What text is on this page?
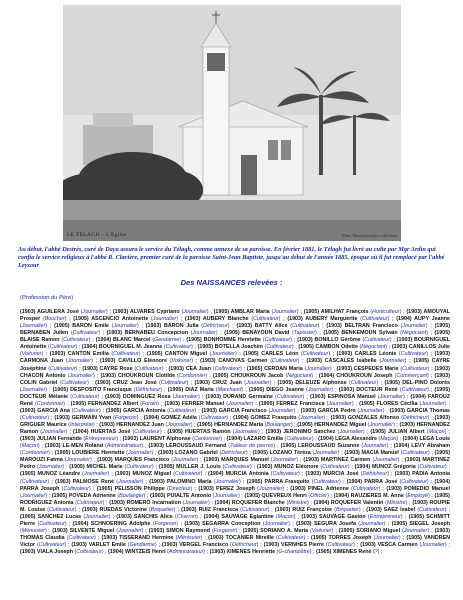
LE TÉLAGH – L'Église	Mme Menakquadjia collection

Au début, l'abbé Destrès, curé de Daya assura le service du Télagh, comme annexe de sa paroisse. En février 1881, le Télagh fut livré au culte par Mgr Ardin qui confia le service religieux à l'abbé R. Clavière, premier curé de la paroisse Saint-Jean Baptiste, jusqu'au début de l'année 1885, époque où il fut remplacé par l'abbé Leyzour

Des NAISSANCES relevées :

(Profession du Père)

(1903) AGUILERA José (Journalier) ; (1903) ALVARES Cypriano (Journalier) ; (1905) AMBLAR Maria (Journalier) ; (1905) AMILHAT François (Horticulteur) ; (1903) AMOUYAL Prosper (Boucher) ; (1905) ASCENCIO Antoinette (Journalier) ; (1903) AUBERY Blanche (Cultivateur) ; (1903) AUBERY Marguerite (Cultivateur) ; (1904) AUPY Jeanne (Journalier) ; (1905) BARON Emile (Journalier) ; (1903) BARON Julia (Défricheur) ; (1903) BATTY Alice (Cultivateur) ; (1903) BELTRAN Francisco (Journalier) ; (1905) BERNABEN Julien (Cultivateur) ; (1903) BERNABEU Concepcion (Journalier) ; (1905) BENAYOUN David (Tapissier) ; (1905) BENKEMOUN Sylvain (Négociant) ; (1905) BLAISE Ramon (Cultivateur) ; (1904) BLANC Marcel (Gendarme) ; (1905) BONHOMME Henriette (Cultivateur) ; (1903) BONILLO Gérôme (Cultivateur) ; (1903) BOURNIGUEL Antoinette (Cultivateur) ; (1904) BOURNIGUEL M. Jeanne (Cultivateur) ; (1905) BOTELLA Joachim (Cultivateur) ; (1905) CAMBON Odette (Négociant) ; (1903) CANILLOS Julie (Voiturier) ; (1903) CANTON Emilia (Cultivateur) ; (1905) CANTON Miguel (Journalier) ; (1905) CARLES Léon (Cultivateur) ; (1903) CARLES Léonie (Cultivateur) ; (1903) CARMONA Juan (Journalier) ; (1903) CAVILLO Eléonore (Voiturier) ; (1903) CANOVAS Carmen (Cultivateur) ; (1903) CASCALES Isabelle (Journalier) ; (1905) CAYRE Joséphine (Cultivateur) ; (1903) CAYRE Rose (Cultivateur) ; (1903) CEA Juan (Cultivateur) ; (1905) CERDAN Maria (Journalier) ; (1903) CESPEDES Marie (Cultivateur) ; (1903) CHACON Antonio (Journalier) ; (1903) CHOUKROUN Clotilde (Cordonnier) ; (1905) CHOUKROUN Jacob (Négociant) ; (1904) CHOUKROUN Joseph (Commerçant) ; (1903) COLIN Gabriel (Cultivateur) ; (1903) CRUZ Jean José (Cultivateur) ; (1903) CRUZ Juan (Journalier) ; (1905) DELEUZE Alphonse (Cultivateur) ; (1905) DEL-PINO Dolorès (Journalier) ; (1905) DESPOSITO Francisque (Défricheur) ; (1905) DIAZ Maria (Marchand) ; (1905) DIEGO Jeanne (Journalier) ; (1903) DOCTEUR René (Cultivateur) ; (1905) DOCTEUR Mélanie (Cultivateur) ; (1903) DOMINGUEZ Rosa (Journalier) ; (1903) DURAND Germaine (Cultivateur) ; (1903) ESPINOSA Manuel (Journalier) ; (1904) FAROUZ René (Cordonnier) ; (1905) FERNANDEZ Albert (Forain) ; (1903) FERRER Manuel (Journalier) ; (1905) FERREZ Francisca (Journalier) ; (1905) FLORES Cécilia (Journalier) ; (1903) GARCIA Ana (Cultivateur) ; (1905) GARCIA Antonia (Cultivateur) ; (1903) GARCIA Francisco (Journalier) ; (1903) GARCIA Pedro (Journalier) ; (1903) GARCIA Thomas (Cultivateur) ; (1903) GERMAIN Yvan (Forgeron) ; (1904) GOMEZ Adéla (Cultivateur) ; (1904) GOMEZ Frasquito (Journalier) ; (1903) GONZALES Alfonso (Défricheur) ; (1903) GRIGUER Maurice (Interprète) ; (1903) HERNANDEZ Juan (Journalier) ; (1905) HERNANDEZ Maria (Boulanger) ; (1905) HERNANDEZ Miguel (Journalier) ; (1903) HERNANDEZ Ramon (Journalier) ; (1904) HUERTAS José (Cultivateur) ; (1905) HUERTAS Ramon (Journalier) ; (1903) JERONIMO Sanchez (Journalier) ; (1905) JULIAN Albert (Maçon) ; (1903) JULIAN Fernande (Entrepreneur) ; (1903) LAURENT Alphonse (Cantonnier) ; (1904) LAZARO Emilia (Cultivateur) ; (1904) LEGA Alexandre (Maçon) ; (1904) LEGA Louis (Maçon) ; (1903) LE-MEN Roland (Administrateur) ; (1903) LEROUSSAUD Fernand (Tailleur de pierres) ; (1905) LEROUSSAUD Suzanne (Journalier) ; (1904) LEVY Abraham (Cordonnier) ; (1905) LOUBIERE Henriette (Journalier) ; (1903) LOZANO Gabriel (Défricheur) ; (1905) LOZANO Téréza (Journalier) ; (1903) MACIA Manuel (Cultivateur) ; (1905) MAROUZI Fatma (Journalier) ; (1903) MARQUES Francisco (Journalier) ; (1903) MARQUES Manuel (Journalier) ; (1903) MARTINEZ Carmen (Journalier) ; (1903) MARTINEZ Pedro (Journalier) ; (1905) MICHEL Marie (Cultivateur) ; (1905) MULLER J. Louis (Cultivateur) ; (1903) MUNOZ Eléonore (Cultivateur) ; (1904) MUNOZ Grégoria (Cultivateur) ; (1905) MUNOZ Léandre (Journalier) ; (1903) MUNOZ Miguel (Cultivateur) ; (1904) MURCIA Antonia (Cultivateur) ; (1903) MURCIA José (Défricheur) ; (1903) PADIA Antonia (Cultivateur) ; (1903) PALMOSE René (Journalier) ; (1903) PALOMINO Maria (Journalier) ; (1905) PARRA Frasquito (Cultivateur) ; (1904) PARRA José (Cultivateur) ; (1904) PARRA Joseph (Cultivateur) ; (1905) PELISSON Philippe (Directeur) ; (1903) PEREZ Joseph (Journalier) ; (1903) PINEL Adrienne (Cultivateur) ; (1903) POMEDIO Manuel (Journalier) ; (1905) POVEDA Adrienne (Boulanger) ; (1903) PUIALTE Antonio (Journalier) ; (1905) QUEVREUX Henri (Officier) ; (1904) RAUZIERES M. Anne (Employé) ; (1905) RODRIGUEZ Antonia (Cultivateur) ; (1903) ROMERO Incarnation (Journalier) ; (1904) ROQUEFER Blanche (Ministre) ; (1904) ROQUEFER Valentin (Ministre) ; (1903) ROUPIE M. Louise (Cultivateur) ; (1903) RUEDAS Victorine (Briquetier) ; (1903) RUIZ Francisca (Cultivateur) ; (1903) RUIZ Françoise (Briquetier) ; (1903) SAEZ Isabel (Cultivateur) ; (1905) SANCHEZ Lucas (Journalier) ; (1903) SANCHIS Alice (Charron) ; (1904) SAUVAGE Eglantine (Maçon) ; (1903) SAUVAGE Gaston (Entrepreneur) ; (1905) SCHMITT Pierre (Cultivateur) ; (1904) SCHNOERING Adolphe (Forgeron) ; (1903) SEGARRA Conception (Journalier) ; (1903) SEGURA Josefa (Journalier) ; (1905) SIEGEL Joseph (Ménuisier) ; (1903) SILVENTE Miguel (Journalier) ; (1903) SIMON Raymond (Forgeron) ; (1905) SORIANO A. Maria (Voiturier) ; (1905) SORIANO Miguel (Journalier) ; (1903) THOMAS Claudia (Cultivateur) ; (1903) TISSERAND Hermine (Ménisuier) ; (1903) TOCANIER Mireille (Cultivateur) ; (1905) TORRES Joseph (Journalier) ; (1905) VANDREN Victor (Cultivateur) ; (1903) VARLET Emile (Gendarme) ; (1903) VERGEL Francisco (Défricheur) ; (1903) VERNHES Pierre (Cultivateur) ; (1903) VESCA Carmen (Journalier) ; (1903) VIALA Joseph (Cultivateur) ; (1904) WINTZEIS Henri (Administrateur) ; (1903) XIMENES Henriette (G-champêtre) ; (1905) XIMENES René (?) ;
